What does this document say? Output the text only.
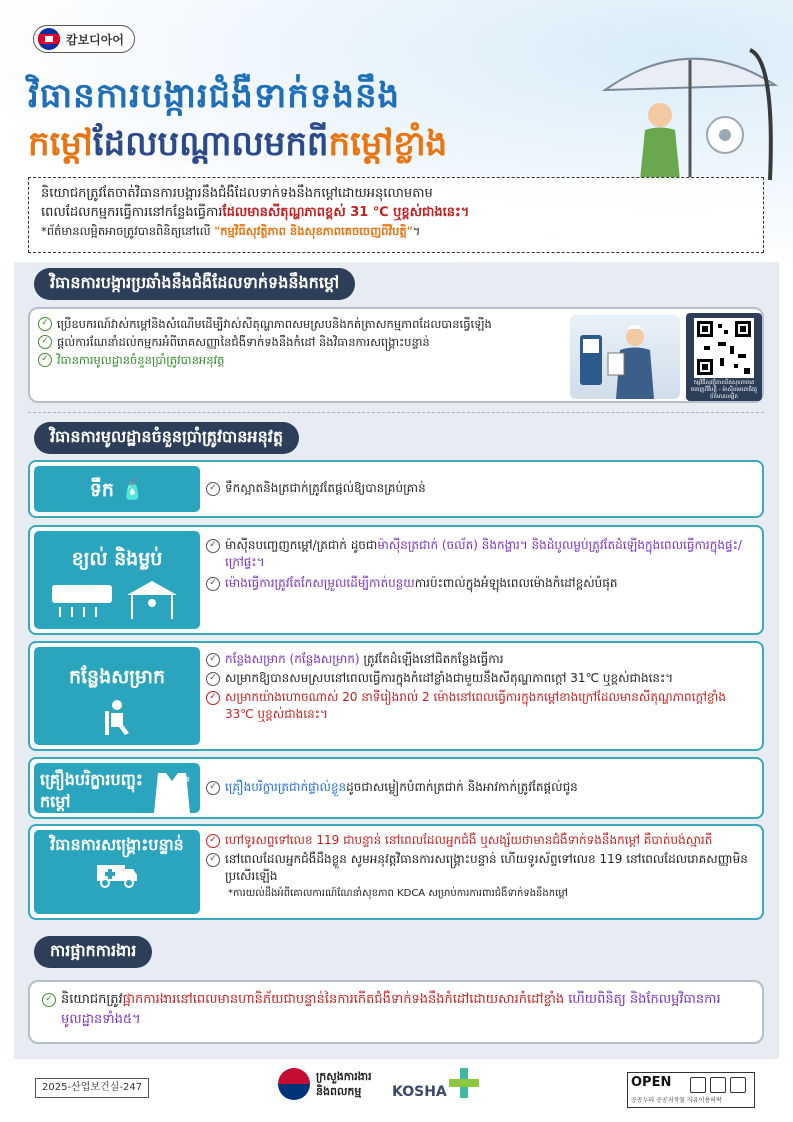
캄보디아어
វិធានការបង្ការជំងឺទាក់ទងនឹង
កម្តៅដែលបណ្តាលមកពីកម្តៅខ្លាំង

និយោជកត្រូវតែចាត់វិធានការបង្ការនឹងជំងឺដែលទាក់ទងនឹងកម្តៅដោយអនុលោមតាម
ពេលដែលកម្មករធ្វើការនៅកន្លែងធ្វើការដែលមានសីតុណ្ហភាពខ្ពស់ 31 ℃ ឬខ្ពស់ជាងនេះ។

*ព័ត៌មានលម្អិតអាចត្រូវបានពិនិត្យនៅលើ "កម្មវិធីសុវត្ថិភាព និងសុខភាពគេចចេញពីវិបត្តិ"។

វិធានការបង្ការប្រឆាំងនឹងជំងឺដែលទាក់ទងនឹងកម្តៅ
✓ ប្រើឧបករណ៍វាស់កម្តៅនិងសំណើមដើម្បីវាស់សីតុណ្ហភាពសមស្របនិងកត់ត្រាសកម្មភាពដែលបានធ្វើឡើង
✓ ផ្តល់ការណែនាំដល់កម្មករអំពីរោគសញ្ញានៃជំងឺទាក់ទងនឹងកំដៅ និងវិធានការសង្គ្រោះបន្ទាន់
✓ វិធានការមូលដ្ឋានចំនួនប្រាំត្រូវបានអនុវត្ត
កម្មវិធីសុវត្ថិភាពនិងសុខភាពគេចចេញពីវិបត្តិ - ម៉ាស៊ីនមេពោធិវត្ថុ ព័ត៌មានលម្អិត
វិធានការមូលដ្ឋានចំនួនប្រាំត្រូវបានអនុវត្ត
ទឹក 🧴	✓ ទឹកស្អាតនិងត្រជាក់ត្រូវតែផ្តល់ឱ្យបានគ្រប់គ្រាន់
ខ្យល់ និងម្លប់
✓ ម៉ាស៊ីនបញ្ចេញកម្តៅ/ត្រជាក់ ដូចជាម៉ាស៊ីនត្រជាក់ (ចល័ត) និងកង្ហារ។ និងដំបូលម្លប់ត្រូវតែដំឡើងក្នុងពេលធ្វើការក្នុងផ្ទះ/ក្រៅផ្ទះ។
✓ ម៉ោងធ្វើការត្រូវតែកែសម្រួលដើម្បីកាត់បន្ថយការប៉ះពាល់ក្នុងអំឡុងពេលម៉ោងកំដៅខ្ពស់បំផុត
កន្លែងសម្រាក
✓ កន្លែងសម្រាក (កន្លែងសម្រាក) ត្រូវតែដំឡើងនៅជិតកន្លែងធ្វើការ
✓ សម្រាកឱ្យបានសមស្របនៅពេលធ្វើការក្នុងកំដៅខ្លាំងជាមួយនឹងសីតុណ្ហភាពក្តៅ 31℃ ឬខ្ពស់ជាងនេះ។
✓ សម្រាកយ៉ាងហោចណាស់ 20 នាទីរៀងរាល់ 2 ម៉ោងនៅពេលធ្វើការក្នុងកម្តៅខាងក្រៅដែលមានសីតុណ្ហភាពក្តៅខ្លាំង 33℃ ឬខ្ពស់ជាងនេះ។
គ្រឿងបរិក្ខារបញ្ចុះកម្តៅ
❄
✓ គ្រឿងបរិក្ខារត្រជាក់ផ្ទាល់ខ្លួនដូចជាសម្លៀកបំពាក់ត្រជាក់ និងអាវកាក់ត្រូវតែផ្តល់ជូន
វិធានការសង្គ្រោះបន្ទាន់	✓ ហៅទូរសព្ទទៅលេខ 119 ជាបន្ទាន់ នៅពេលដែលអ្នកជំងឺ ឬសង្ស័យថាមានជំងឺទាក់ទងនឹងកម្តៅ គឺបាត់បង់ស្មារតី
✓ នៅពេលដែលអ្នកជំងឺដឹងខ្លួន សូមអនុវត្តវិធានការសង្គ្រោះបន្ទាន់ ហើយទូរស័ព្ទទៅលេខ 119 នៅពេលដែលរោគសញ្ញាមិនប្រសើរឡើង
*ការយល់ដឹងអំពីគោលការណ៍ណែនាំសុខភាព KDCA សម្រាប់ការការពារជំងឺទាក់ទងនឹងកម្តៅ
ការផ្អាកការងារ
✓ និយោជកត្រូវផ្អាកការងារនៅពេលមានហានិភ័យជាបន្ទាន់នៃការកើតជំងឺទាក់ទងនឹងកំដៅដោយសារកំដៅខ្លាំង ហើយពិនិត្យ និងកែលម្អវិធានការមូលដ្ឋានទាំង៥។
2025-산업보건실-247
ក្រសួងការងារ
និងពលកម្ម	KOSHA
OPEN
공공누리 공공저작물 자유이용허락
